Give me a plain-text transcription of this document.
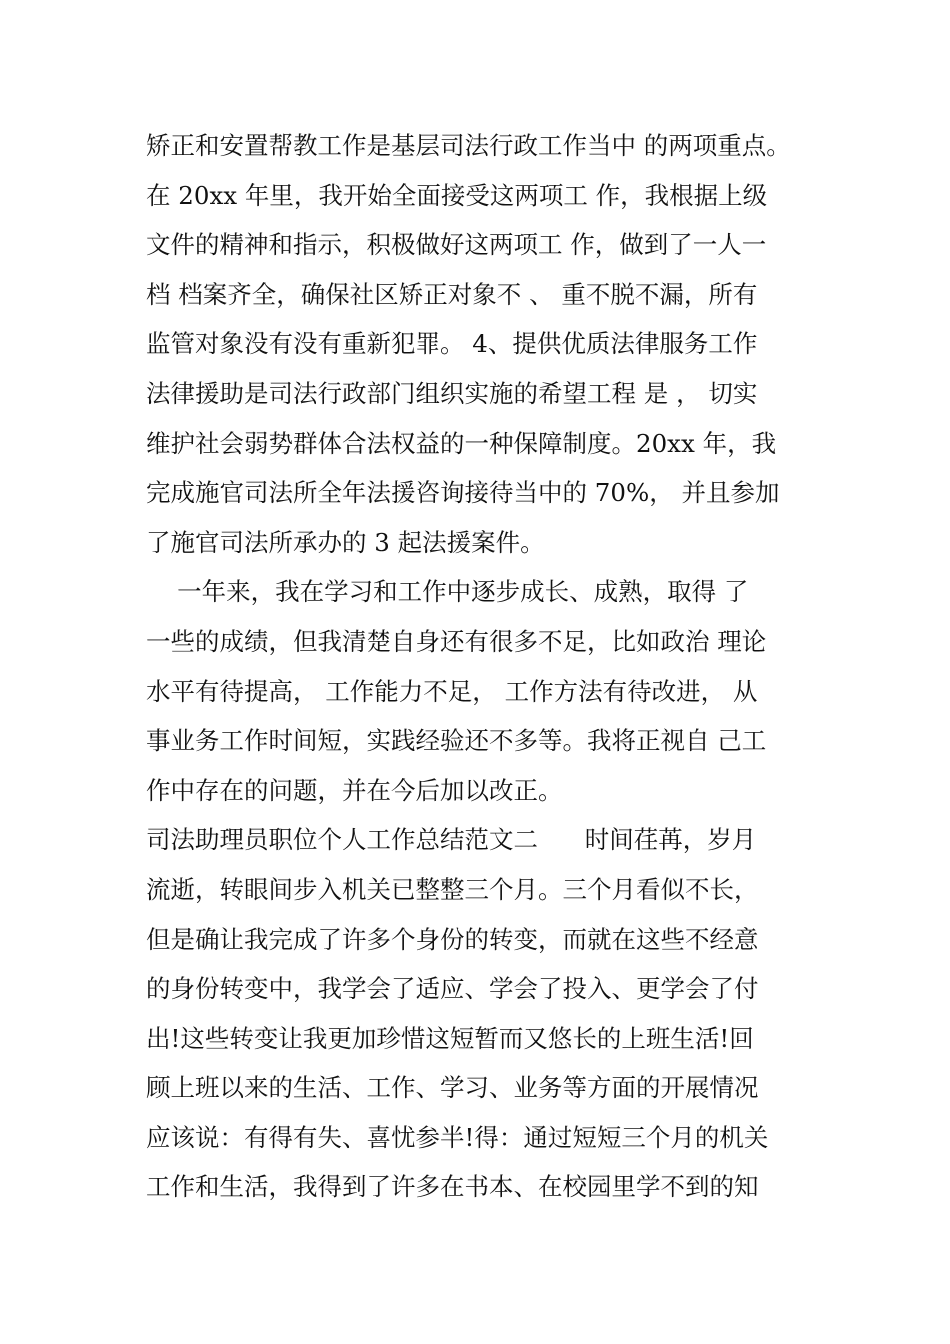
矫正和安置帮教工作是基层司法行政工作当中 的两项重点。
在 20xx 年里，我开始全面接受这两项工 作，我根据上级
文件的精神和指示，积极做好这两项工 作，做到了一人一
档 档案齐全，确保社区矫正对象不 、 重不脱不漏，所有
监管对象没有没有重新犯罪。 4、提供优质法律服务工作
法律援助是司法行政部门组织实施的希望工程 是 ， 切实
维护社会弱势群体合法权益的一种保障制度。20xx 年，我
完成施官司法所全年法援咨询接待当中的 70%， 并且参加
了施官司法所承办的 3 起法援案件。
一年来，我在学习和工作中逐步成长、成熟，取得 了
一些的成绩，但我清楚自身还有很多不足，比如政治 理论
水平有待提高， 工作能力不足， 工作方法有待改进， 从
事业务工作时间短，实践经验还不多等。我将正视自 己工
作中存在的问题，并在今后加以改正。
司法助理员职位个人工作总结范文二      时间荏苒，岁月
流逝，转眼间步入机关已整整三个月。三个月看似不长，
但是确让我完成了许多个身份的转变，而就在这些不经意
的身份转变中，我学会了适应、学会了投入、更学会了付
出!这些转变让我更加珍惜这短暂而又悠长的上班生活!回
顾上班以来的生活、工作、学习、业务等方面的开展情况
应该说：有得有失、喜忧参半!得：通过短短三个月的机关
工作和生活，我得到了许多在书本、在校园里学不到的知
